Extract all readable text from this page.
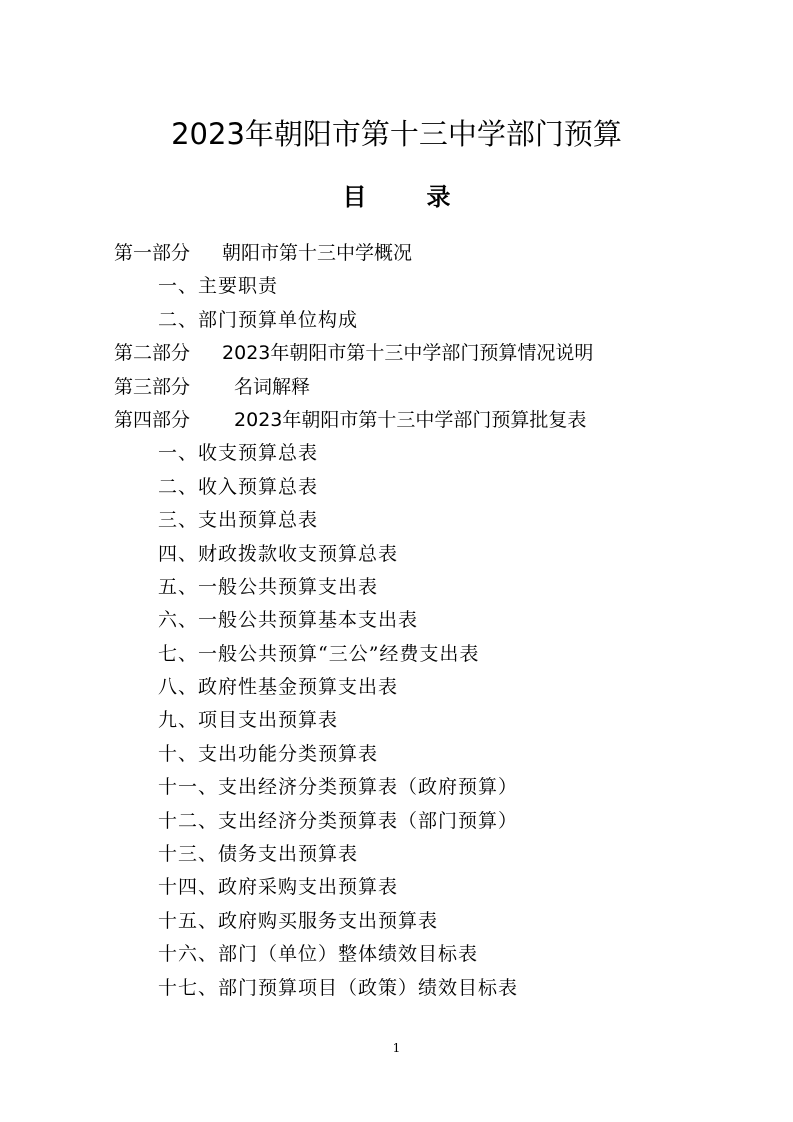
2023年朝阳市第十三中学部门预算
目录
第一部分 朝阳市第十三中学概况
一、主要职责
二、部门预算单位构成
第二部分 2023年朝阳市第十三中学部门预算情况说明
第三部分 名词解释
第四部分 2023年朝阳市第十三中学部门预算批复表
一、收支预算总表
二、收入预算总表
三、支出预算总表
四、财政拨款收支预算总表
五、一般公共预算支出表
六、一般公共预算基本支出表
七、一般公共预算“三公”经费支出表
八、政府性基金预算支出表
九、项目支出预算表
十、支出功能分类预算表
十一、支出经济分类预算表（政府预算）
十二、支出经济分类预算表（部门预算）
十三、债务支出预算表
十四、政府采购支出预算表
十五、政府购买服务支出预算表
十六、部门（单位）整体绩效目标表
十七、部门预算项目（政策）绩效目标表
1
